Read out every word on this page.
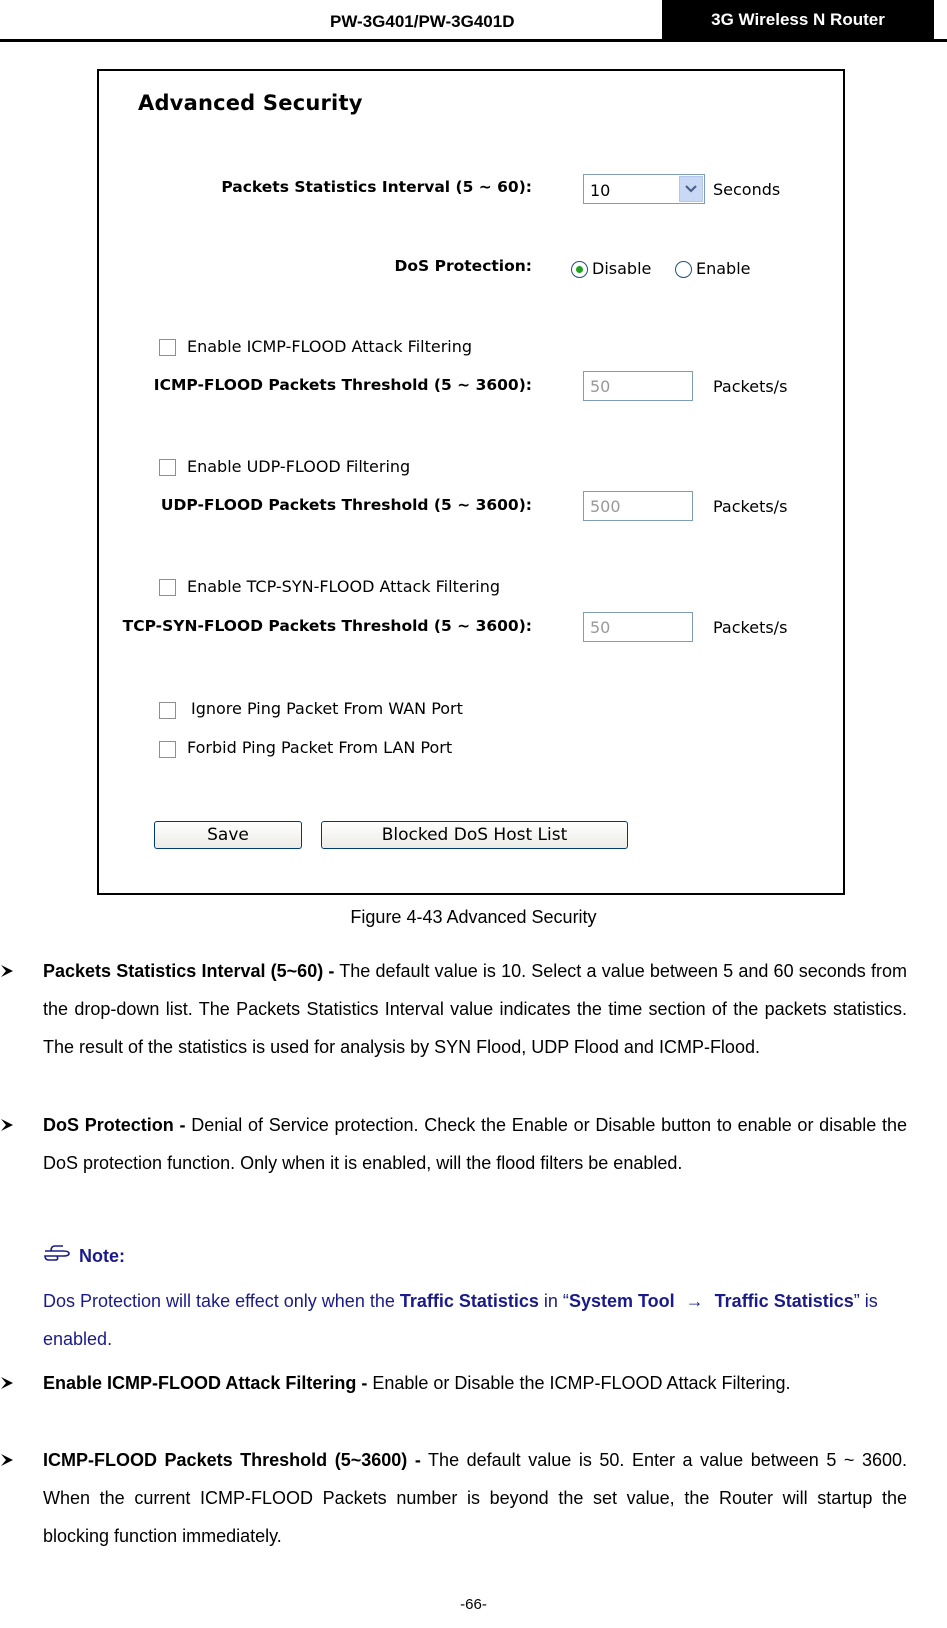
PW-3G401/PW-3G401D	3G Wireless N Router
Advanced Security
Packets Statistics Interval (5 ~ 60):	10	Seconds
DoS Protection:	Disable	Enable
Enable ICMP-FLOOD Attack Filtering
ICMP-FLOOD Packets Threshold (5 ~ 3600):	50	Packets/s
Enable UDP-FLOOD Filtering
UDP-FLOOD Packets Threshold (5 ~ 3600):	500	Packets/s
Enable TCP-SYN-FLOOD Attack Filtering
TCP-SYN-FLOOD Packets Threshold (5 ~ 3600):	50	Packets/s
Ignore Ping Packet From WAN Port
Forbid Ping Packet From LAN Port
Save	Blocked DoS Host List
Figure 4-43 Advanced Security
Packets Statistics Interval (5~60) - The default value is 10. Select a value between 5 and 60 seconds from the drop-down list. The Packets Statistics Interval value indicates the time section of the packets statistics. The result of the statistics is used for analysis by SYN Flood, UDP Flood and ICMP-Flood.
DoS Protection - Denial of Service protection. Check the Enable or Disable button to enable or disable the DoS protection function. Only when it is enabled, will the flood filters be enabled.
Note:
Dos Protection will take effect only when the Traffic Statistics in “System Tool → Traffic Statistics” is enabled.
Enable ICMP-FLOOD Attack Filtering - Enable or Disable the ICMP-FLOOD Attack Filtering.
ICMP-FLOOD Packets Threshold (5~3600) - The default value is 50. Enter a value between 5 ~ 3600. When the current ICMP-FLOOD Packets number is beyond the set value, the Router will startup the blocking function immediately.
-66-
